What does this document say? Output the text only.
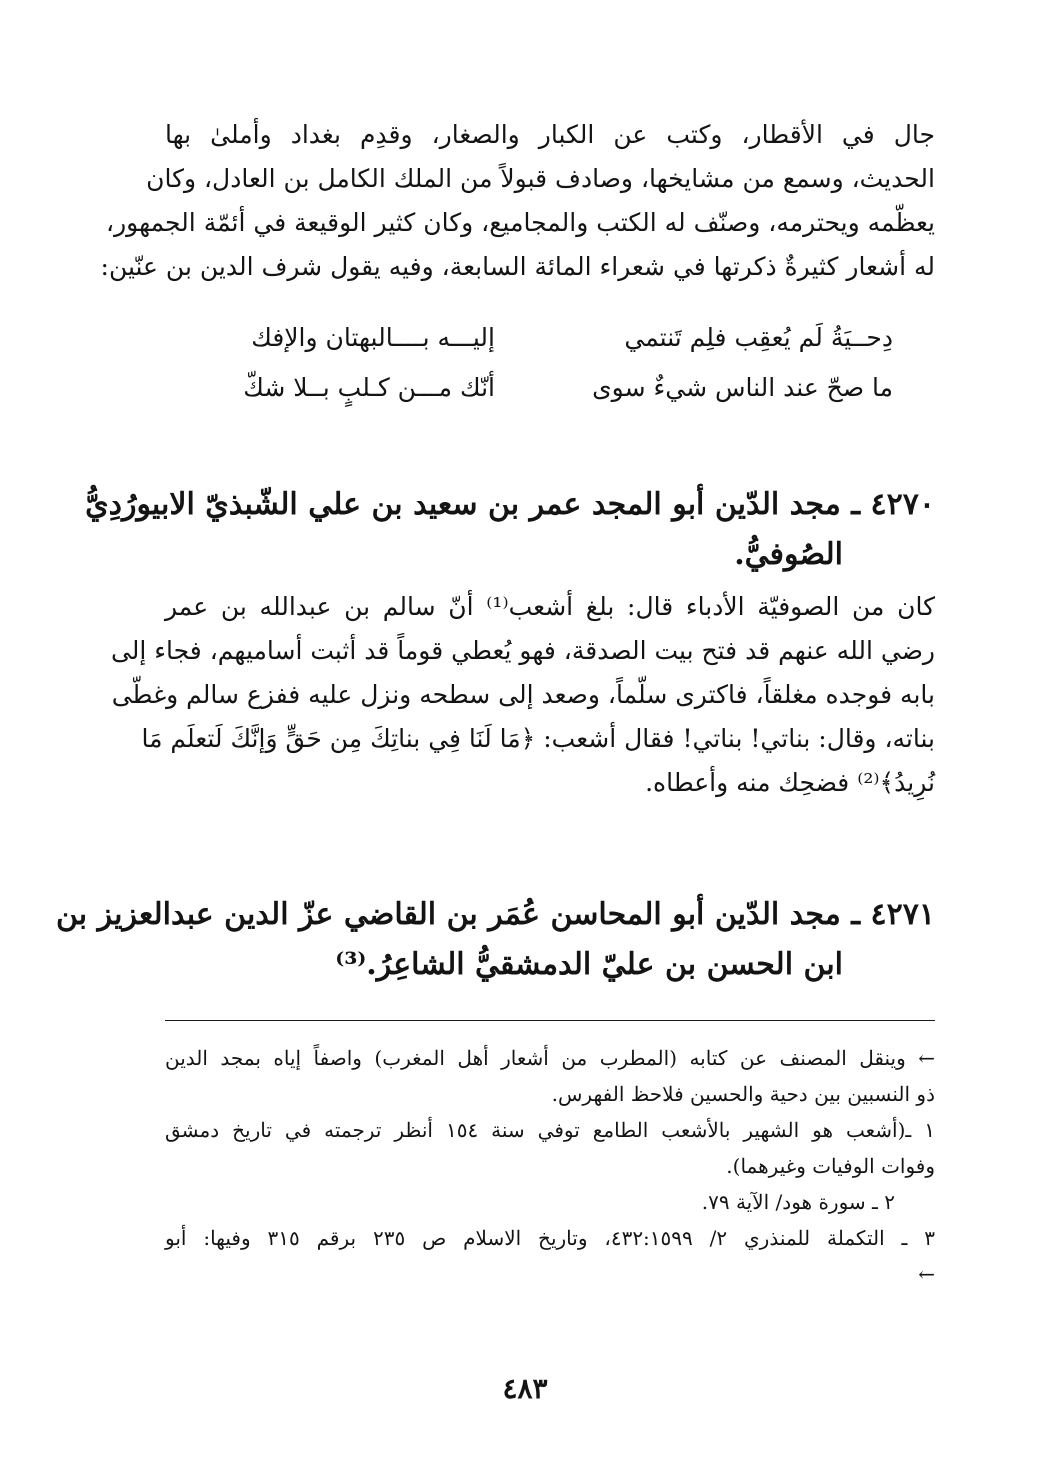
جال في الأقطار، وكتب عن الكبار والصغار، وقدِم بغداد وأملىٰ بها
الحديث، وسمع من مشايخها، وصادف قبولاً من الملك الكامل بن العادل، وكان
يعظّمه ويحترمه، وصنّف له الكتب والمجاميع، وكان كثير الوقيعة في أئمّة الجمهور،
له أشعار كثيرةٌ ذكرتها في شعراء المائة السابعة، وفيه يقول شرف الدين بن عنّين:
دِحــيَةُ لَم يُعقِب فلِم تَنتمي
إليـــه بــــالبهتان والإفك
ما صحّ عند الناس شيءٌ سوى
أنّك مـــن كـلبٍ بــلا شكّ
٤٢٧٠ ـ مجد الدّين أبو المجد عمر بن سعيد بن علي الشّبذيّ الابيورُدِيُّ
الصُوفيُّ.
كان من الصوفيّة الأدباء قال: بلغ أشعب⁽¹⁾ أنّ سالم بن عبدالله بن عمر
رضي الله عنهم قد فتح بيت الصدقة، فهو يُعطي قوماً قد أثبت أساميهم، فجاء إلى
بابه فوجده مغلقاً، فاكترى سلّماً، وصعد إلى سطحه ونزل عليه ففزع سالم وغطّى
بناته، وقال: بناتي! بناتي! فقال أشعب: ﴿مَا لَنَا فِي بناتِكَ مِن حَقٍّ وَإنَّكَ لَتعلَم مَا
نُرِيدُ﴾⁽²⁾ فضحِك منه وأعطاه.
٤٢٧١ ـ مجد الدّين أبو المحاسن عُمَر بن القاضي عزّ الدين عبدالعزيز بن
ابن الحسن بن عليّ الدمشقيُّ الشاعِرُ.⁽³⁾
← وينقل المصنف عن كتابه (المطرب من أشعار أهل المغرب) واصفاً إياه بمجد الدين
ذو النسبين بين دحية والحسين فلاحظ الفهرس.
١ ـ(أشعب هو الشهير بالأشعب الطامع توفي سنة ١٥٤ أنظر ترجمته في تاريخ دمشق
وفوات الوفيات وغيرهما).
٢ ـ سورة هود/ الآية ٧٩.
٣ ـ التكملة للمنذري ٢/ ٤٣٢:١٥٩٩، وتاريخ الاسلام ص ٢٣٥ برقم ٣١٥ وفيها: أبو
←
٤٨٣
